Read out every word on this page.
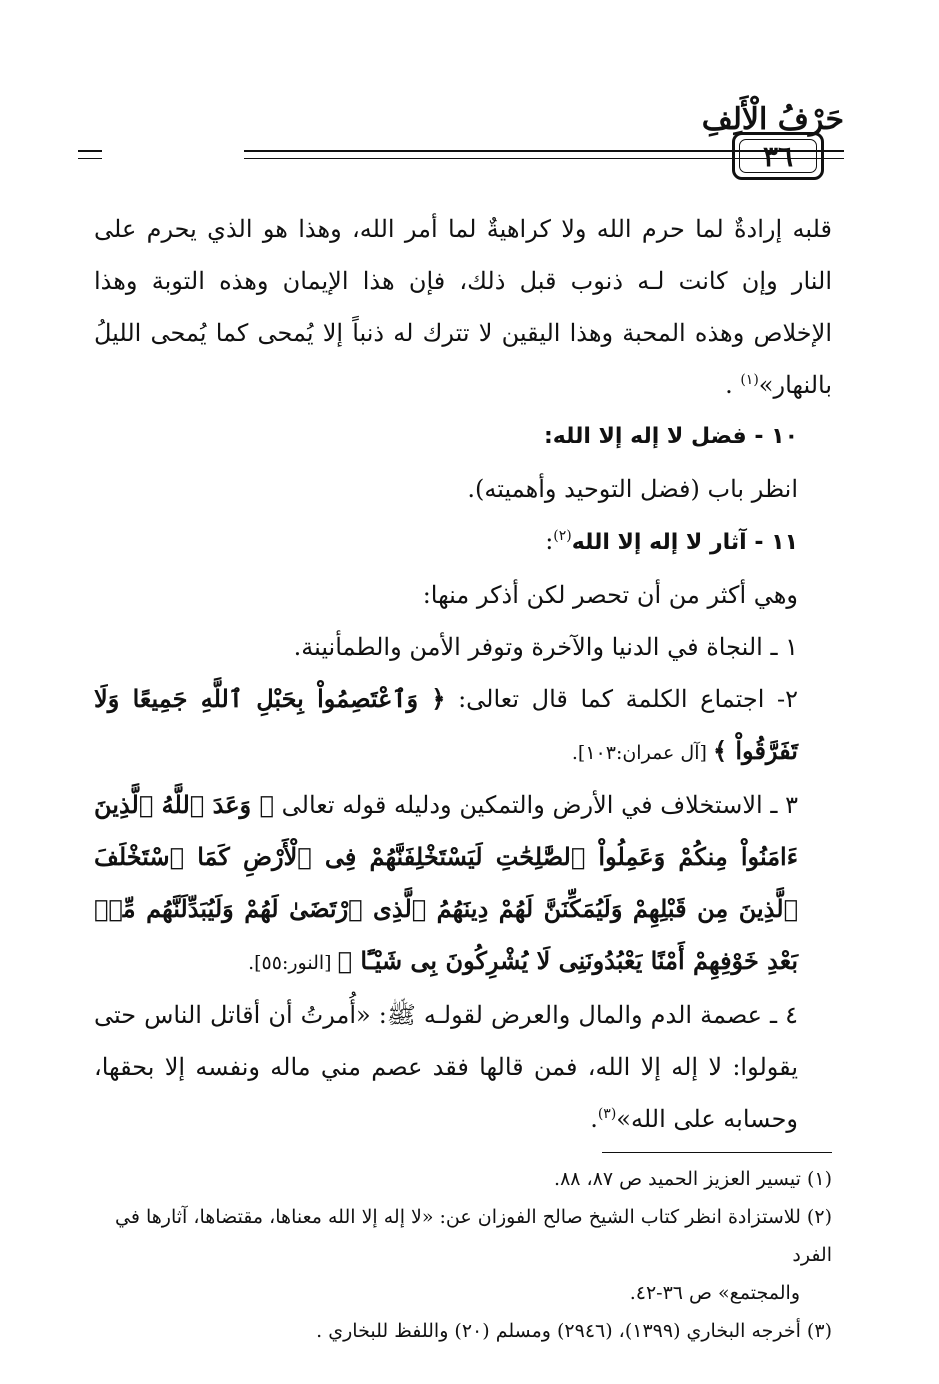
حَرْفُ الْأَلِفِ
٣٦

قلبه إرادةٌ لما حرم الله ولا كراهيةٌ لما أمر الله، وهذا هو الذي يحرم على النار وإن كانت لـه ذنوب قبل ذلك، فإن هذا الإيمان وهذه التوبة وهذا الإخلاص وهذه المحبة وهذا اليقين لا تترك له ذنباً إلا يُمحى كما يُمحى الليلُ بالنهار»$^{(١)}$ .

١٠ - فضل لا إله إلا الله:

انظر باب (فضل التوحيد وأهميته).

١١ - آثار لا إله إلا الله$^{(٢)}$:

وهي أكثر من أن تحصر لكن أذكر منها:

١ ـ النجاة في الدنيا والآخرة وتوفر الأمن والطمأنينة.

٢- اجتماع الكلمة كما قال تعالى: ﴿ وَٱعْتَصِمُواْ بِحَبْلِ ٱللَّهِ جَمِيعًا وَلَا تَفَرَّقُواْ ﴾ [آل عمران:١٠٣].

٣ ـ الاستخلاف في الأرض والتمكين ودليله قوله تعالى ﴿ وَعَدَ ٱللَّهُ ٱلَّذِينَ ءَامَنُواْ مِنكُمْ وَعَمِلُواْ ٱلصَّٰلِحَٰتِ لَيَسْتَخْلِفَنَّهُمْ فِى ٱلْأَرْضِ كَمَا ٱسْتَخْلَفَ ٱلَّذِينَ مِن قَبْلِهِمْ وَلَيُمَكِّنَنَّ لَهُمْ دِينَهُمُ ٱلَّذِى ٱرْتَضَىٰ لَهُمْ وَلَيُبَدِّلَنَّهُم مِّنۢ بَعْدِ خَوْفِهِمْ أَمْنًا يَعْبُدُونَنِى لَا يُشْرِكُونَ بِى شَيْـًٔا ﴾ [النور:٥٥].

٤ ـ عصمة الدم والمال والعرض لقولـه ﷺ: «أُمرتُ أن أقاتل الناس حتى يقولوا: لا إله إلا الله، فمن قالها فقد عصم مني ماله ونفسه إلا بحقها، وحسابه على الله»$^{(٣)}$.

(١) تيسير العزيز الحميد ص ٨٧، ٨٨.

(٢) للاستزادة انظر كتاب الشيخ صالح الفوزان عن: «لا إله إلا الله معناها، مقتضاها، آثارها في الفرد

والمجتمع» ص ٣٦-٤٢.

(٣) أخرجه البخاري (١٣٩٩)، (٢٩٤٦) ومسلم (٢٠) واللفظ للبخاري .
